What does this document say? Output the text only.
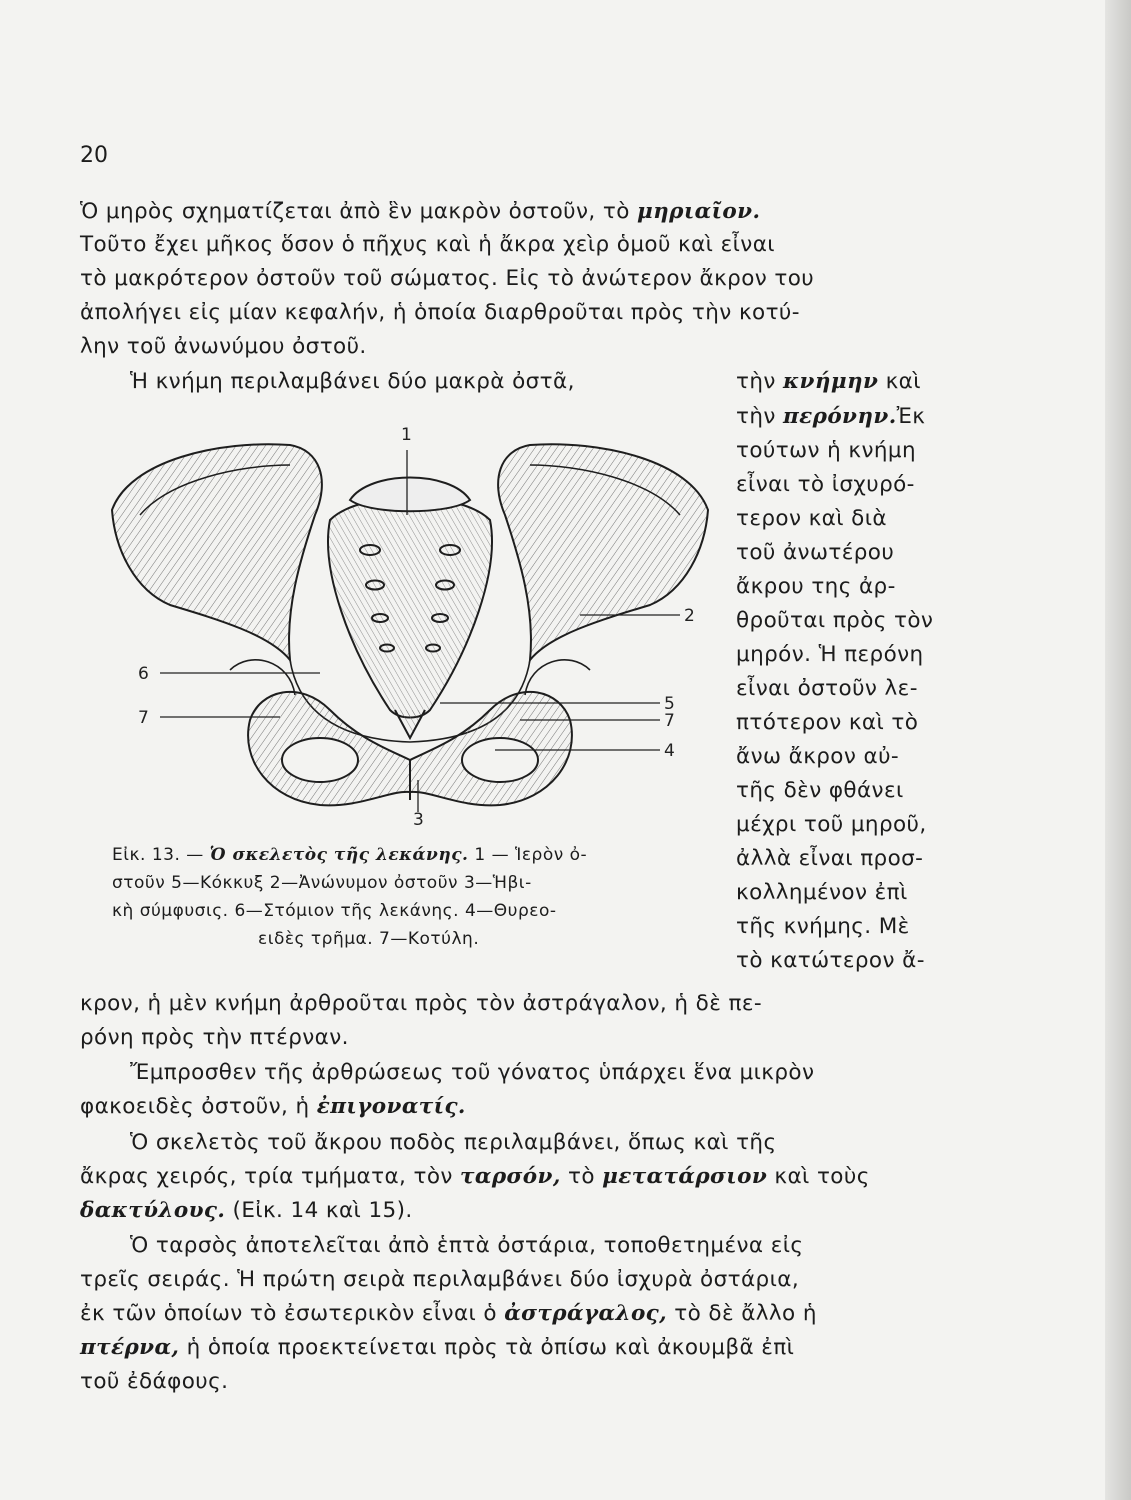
20
Ὁ μηρὸς σχηματίζεται ἀπὸ ἓν μακρὸν ὀστοῦν, τὸ μηριαῖον.
Τοῦτο ἔχει μῆκος ὅσον ὁ πῆχυς καὶ ἡ ἄκρα χεὶρ ὁμοῦ καὶ εἶναι
τὸ μακρότερον ὀστοῦν τοῦ σώματος. Εἰς τὸ ἀνώτερον ἄκρον του
ἀπολήγει εἰς μίαν κεφαλήν, ἡ ὁποία διαρθροῦται πρὸς τὴν κοτύ-
λην τοῦ ἀνωνύμου ὀστοῦ.
Ἡ κνήμη περιλαμβάνει δύο μακρὰ ὀστᾶ,	τὴν κνήμην καὶ
τὴν περόνην.Ἐκ
τούτων ἡ κνήμη
εἶναι τὸ ἰσχυρό-
τερον καὶ διὰ
τοῦ ἀνωτέρου
ἄκρου της ἀρ-
θροῦται πρὸς τὸν
μηρόν. Ἡ περόνη
εἶναι ὀστοῦν λε-
πτότερον καὶ τὸ
ἄνω ἄκρον αὐ-
τῆς δὲν φθάνει
μέχρι τοῦ μηροῦ,
ἀλλὰ εἶναι προσ-
κολλημένον ἐπὶ
τῆς κνήμης. Μὲ
τὸ κατώτερον ἄ-
1
2
3
4
5
6
7	7
Εἰκ. 13. — Ὁ σκελετὸς τῆς λεκάνης. 1 — Ἱερὸν ὀ-
στοῦν 5—Κόκκυξ 2—Ἀνώνυμον ὀστοῦν 3—Ἡβι-
κὴ σύμφυσις. 6—Στόμιον τῆς λεκάνης. 4—Θυρεο-
ειδὲς τρῆμα. 7—Κοτύλη.
κρον, ἡ μὲν κνήμη ἀρθροῦται πρὸς τὸν ἀστράγαλον, ἡ δὲ πε-
ρόνη πρὸς τὴν πτέρναν.
Ἔμπροσθεν τῆς ἀρθρώσεως τοῦ γόνατος ὑπάρχει ἕνα μικρὸν
φακοειδὲς ὀστοῦν, ἡ ἐπιγονατίς.
Ὁ σκελετὸς τοῦ ἄκρου ποδὸς περιλαμβάνει, ὅπως καὶ τῆς
ἄκρας χειρός, τρία τμήματα, τὸν ταρσόν, τὸ μετατάρσιον καὶ τοὺς
δακτύλους. (Εἰκ. 14 καὶ 15).
Ὁ ταρσὸς ἀποτελεῖται ἀπὸ ἑπτὰ ὀστάρια, τοποθετημένα εἰς
τρεῖς σειράς. Ἡ πρώτη σειρὰ περιλαμβάνει δύο ἰσχυρὰ ὀστάρια,
ἐκ τῶν ὁποίων τὸ ἐσωτερικὸν εἶναι ὁ ἀστράγαλος, τὸ δὲ ἄλλο ἡ
πτέρνα, ἡ ὁποία προεκτείνεται πρὸς τὰ ὀπίσω καὶ ἀκουμβᾶ ἐπὶ
τοῦ ἐδάφους.
